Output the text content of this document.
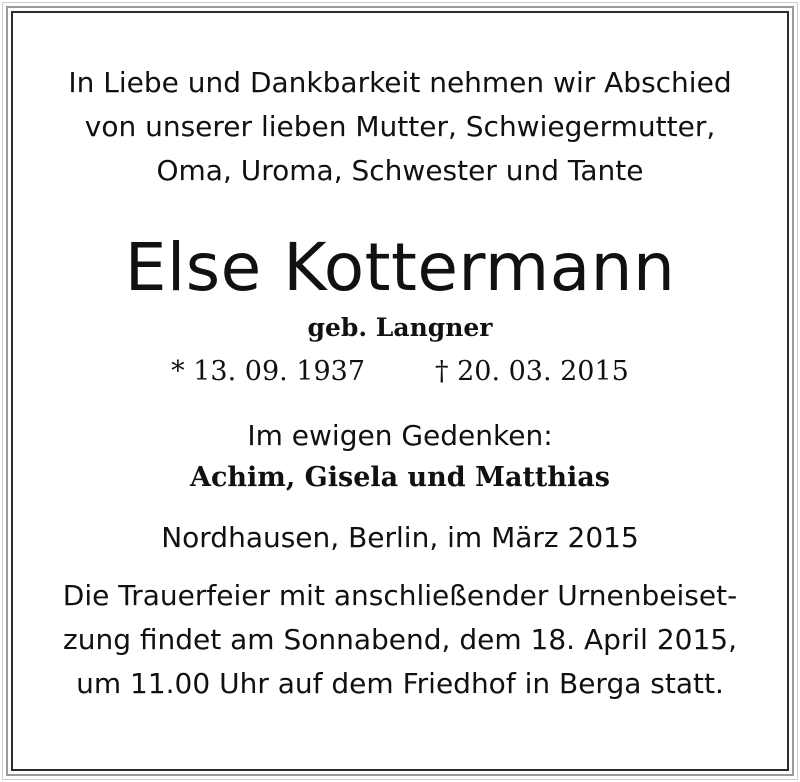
In Liebe und Dankbarkeit nehmen wir Abschied
von unserer lieben Mutter, Schwiegermutter,
Oma, Uroma, Schwester und Tante
Else Kottermann
geb. Langner
* 13. 09. 1937	† 20. 03. 2015
Im ewigen Gedenken:
Achim, Gisela und Matthias
Nordhausen, Berlin, im März 2015
Die Trauerfeier mit anschließender Urnenbeiset-
zung findet am Sonnabend, dem 18. April 2015,
um 11.00 Uhr auf dem Friedhof in Berga statt.
